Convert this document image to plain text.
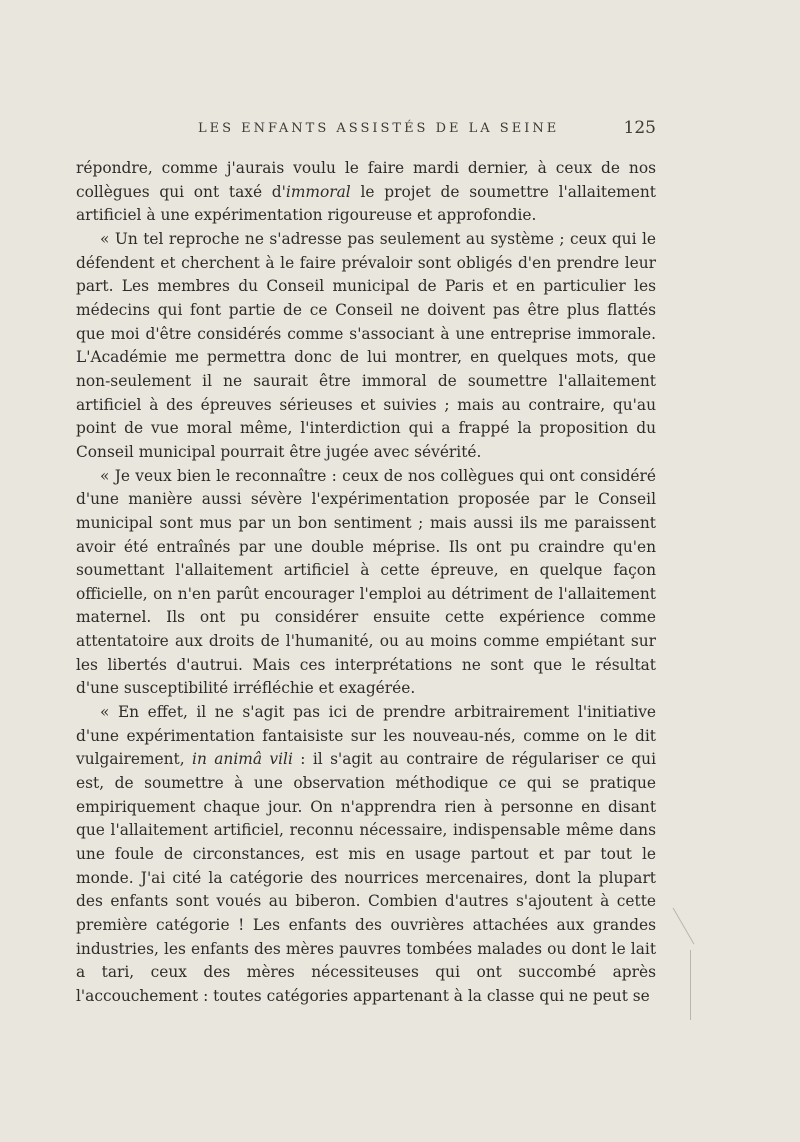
LES ENFANTS ASSISTÉS DE LA SEINE	125

répondre, comme j'aurais voulu le faire mardi dernier, à ceux de nos collègues qui ont taxé d'immoral le projet de soumettre l'allaitement artificiel à une expérimentation rigoureuse et approfondie.

« Un tel reproche ne s'adresse pas seulement au système ; ceux qui le défendent et cherchent à le faire prévaloir sont obligés d'en prendre leur part. Les membres du Conseil municipal de Paris et en particulier les médecins qui font partie de ce Conseil ne doivent pas être plus flattés que moi d'être considérés comme s'associant à une entreprise immorale. L'Académie me permettra donc de lui montrer, en quelques mots, que non-seulement il ne saurait être immoral de soumettre l'allaitement artificiel à des épreuves sérieuses et suivies ; mais au contraire, qu'au point de vue moral même, l'interdiction qui a frappé la proposition du Conseil municipal pourrait être jugée avec sévérité.

« Je veux bien le reconnaître : ceux de nos collègues qui ont considéré d'une manière aussi sévère l'expérimentation proposée par le Conseil municipal sont mus par un bon sentiment ; mais aussi ils me paraissent avoir été entraînés par une double méprise. Ils ont pu craindre qu'en soumettant l'allaitement artificiel à cette épreuve, en quelque façon officielle, on n'en parût encourager l'emploi au détriment de l'allaitement maternel. Ils ont pu considérer ensuite cette expérience comme attentatoire aux droits de l'humanité, ou au moins comme empiétant sur les libertés d'autrui. Mais ces interprétations ne sont que le résultat d'une susceptibilité irréfléchie et exagérée.

« En effet, il ne s'agit pas ici de prendre arbitrairement l'initiative d'une expérimentation fantaisiste sur les nouveau-nés, comme on le dit vulgairement, in animâ vili : il s'agit au contraire de régulariser ce qui est, de soumettre à une observation méthodique ce qui se pratique empiriquement chaque jour. On n'apprendra rien à personne en disant que l'allaitement artificiel, reconnu nécessaire, indispensable même dans une foule de circonstances, est mis en usage partout et par tout le monde. J'ai cité la catégorie des nourrices mercenaires, dont la plupart des enfants sont voués au biberon. Combien d'autres s'ajoutent à cette première catégorie ! Les enfants des ouvrières attachées aux grandes industries, les enfants des mères pauvres tombées malades ou dont le lait a tari, ceux des mères nécessiteuses qui ont succombé après l'accouchement : toutes catégories appartenant à la classe qui ne peut se
